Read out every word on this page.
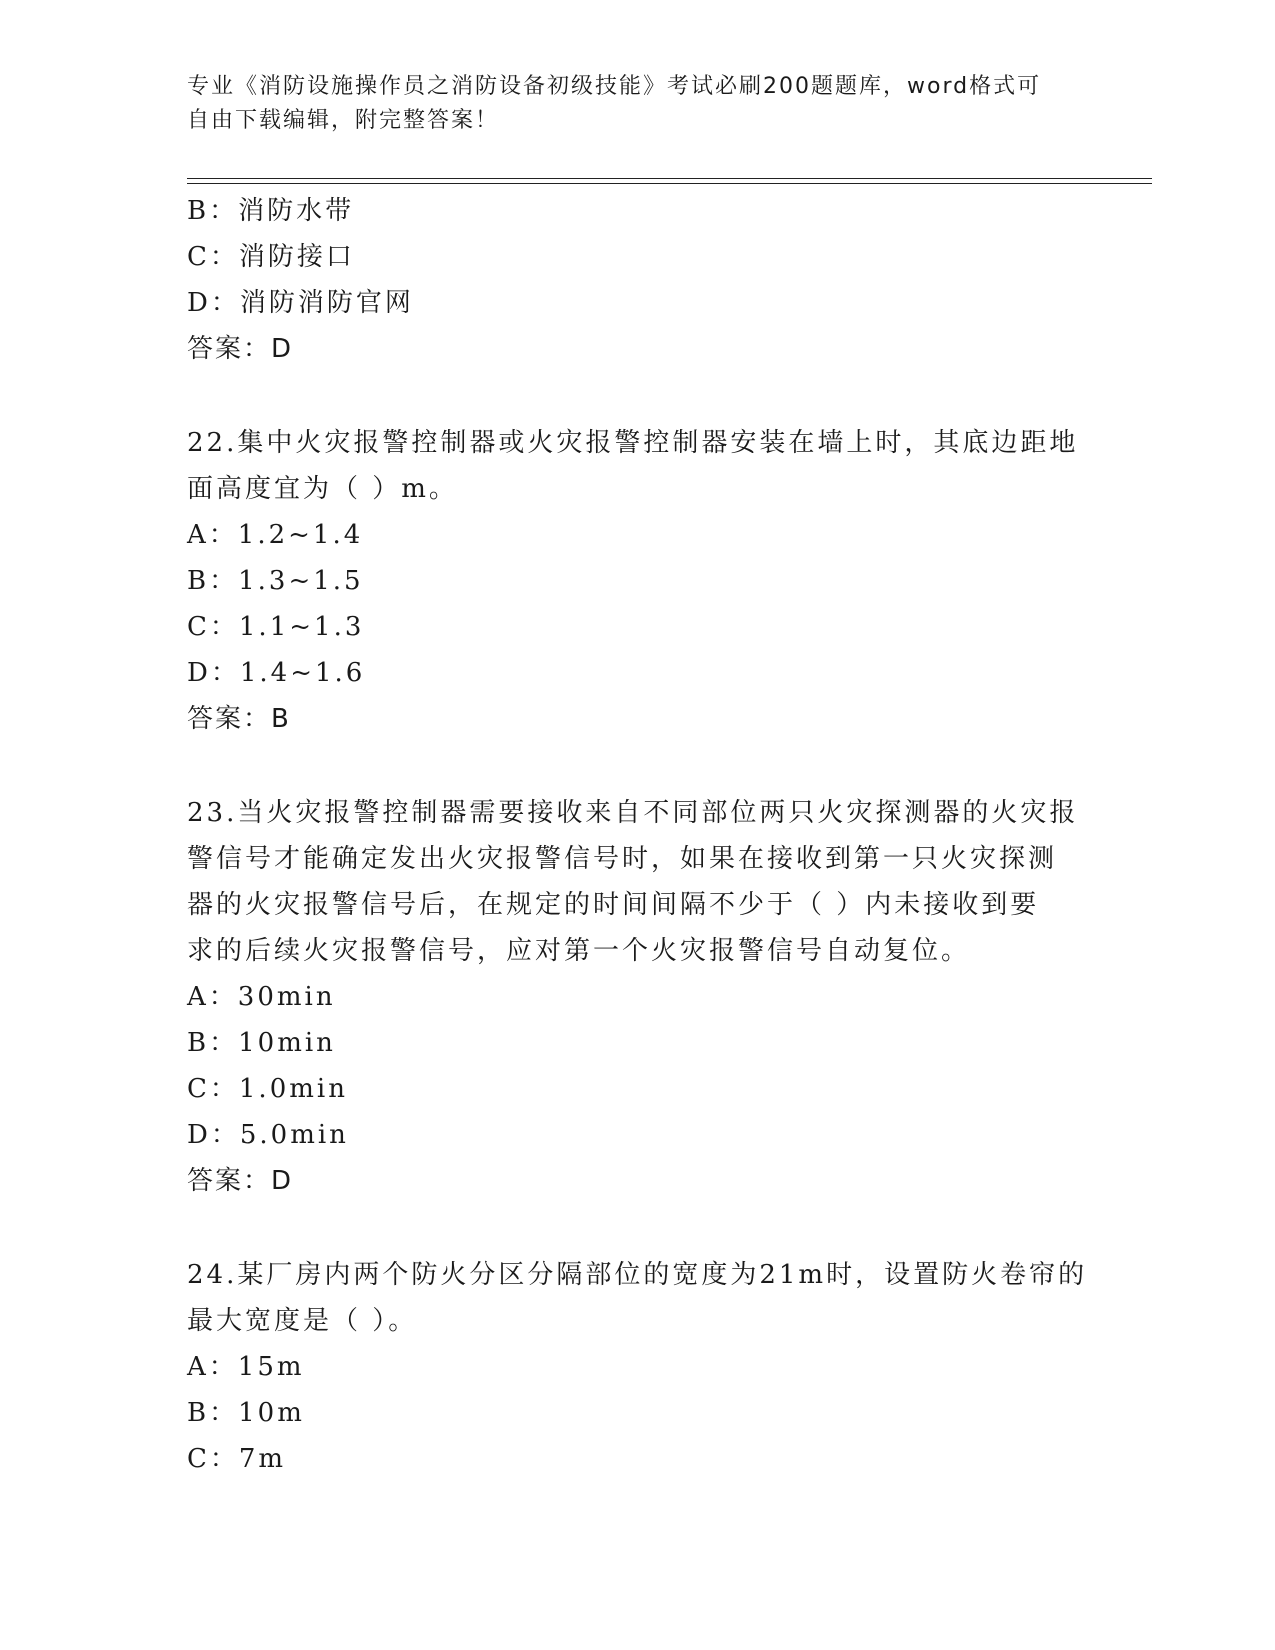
专业《消防设施操作员之消防设备初级技能》考试必刷200题题库，word格式可
自由下载编辑，附完整答案！
B：消防水带
C：消防接口
D：消防消防官网
答案：D
22.集中火灾报警控制器或火灾报警控制器安装在墙上时，其底边距地
面高度宜为（ ）m。
A：1.2~1.4
B：1.3~1.5
C：1.1~1.3
D：1.4~1.6
答案：B
23.当火灾报警控制器需要接收来自不同部位两只火灾探测器的火灾报
警信号才能确定发出火灾报警信号时，如果在接收到第一只火灾探测
器的火灾报警信号后，在规定的时间间隔不少于（ ）内未接收到要
求的后续火灾报警信号，应对第一个火灾报警信号自动复位。
A：30min
B：10min
C：1.0min
D：5.0min
答案：D
24.某厂房内两个防火分区分隔部位的宽度为21m时，设置防火卷帘的
最大宽度是（ ）。
A：15m
B：10m
C：7m
